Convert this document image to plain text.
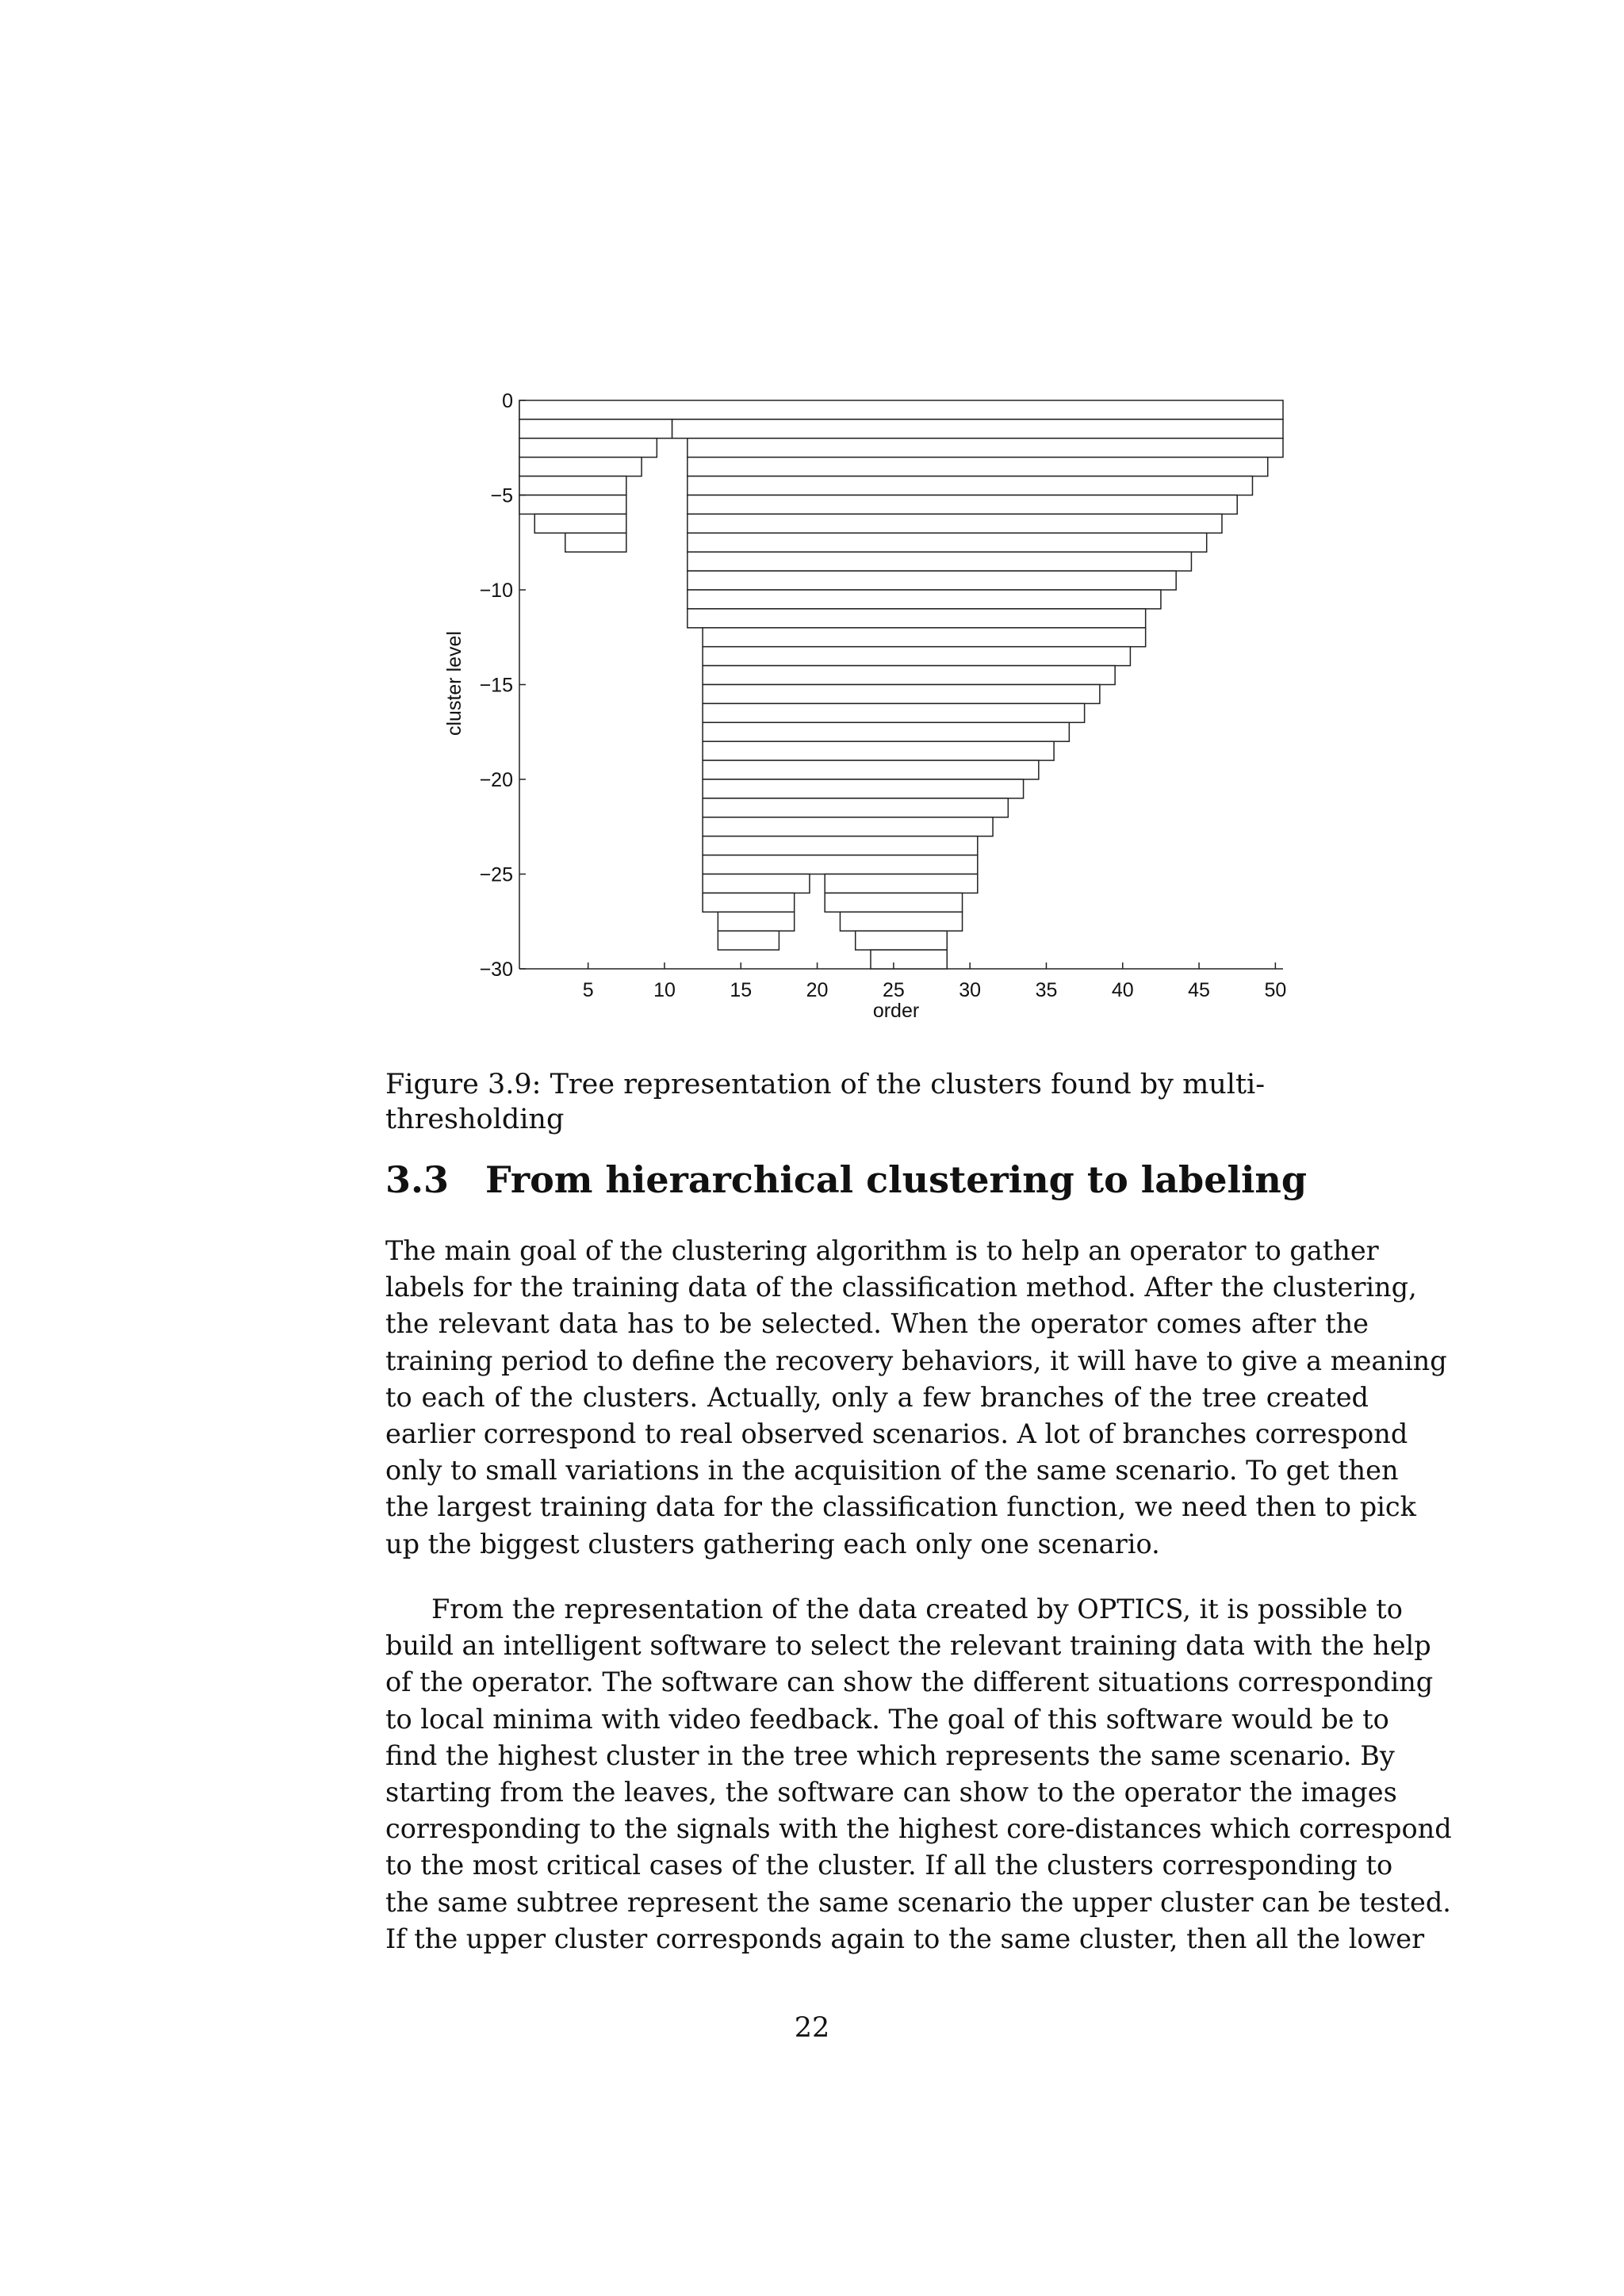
5	10	15	20	25	30	35	40	45	50
0
−5
−10
−15
−20
−25
−30
order
cluster level

Figure 3.9: Tree representation of the clusters found by multi-thresholding

3.3 From hierarchical clustering to labeling
The main goal of the clustering algorithm is to help an operator to gather
labels for the training data of the classification method. After the clustering,
the relevant data has to be selected. When the operator comes after the
training period to define the recovery behaviors, it will have to give a meaning
to each of the clusters. Actually, only a few branches of the tree created
earlier correspond to real observed scenarios. A lot of branches correspond
only to small variations in the acquisition of the same scenario. To get then
the largest training data for the classification function, we need then to pick
up the biggest clusters gathering each only one scenario.
From the representation of the data created by OPTICS, it is possible to
build an intelligent software to select the relevant training data with the help
of the operator. The software can show the different situations corresponding
to local minima with video feedback. The goal of this software would be to
find the highest cluster in the tree which represents the same scenario. By
starting from the leaves, the software can show to the operator the images
corresponding to the signals with the highest core-distances which correspond
to the most critical cases of the cluster. If all the clusters corresponding to
the same subtree represent the same scenario the upper cluster can be tested.
If the upper cluster corresponds again to the same cluster, then all the lower

22
